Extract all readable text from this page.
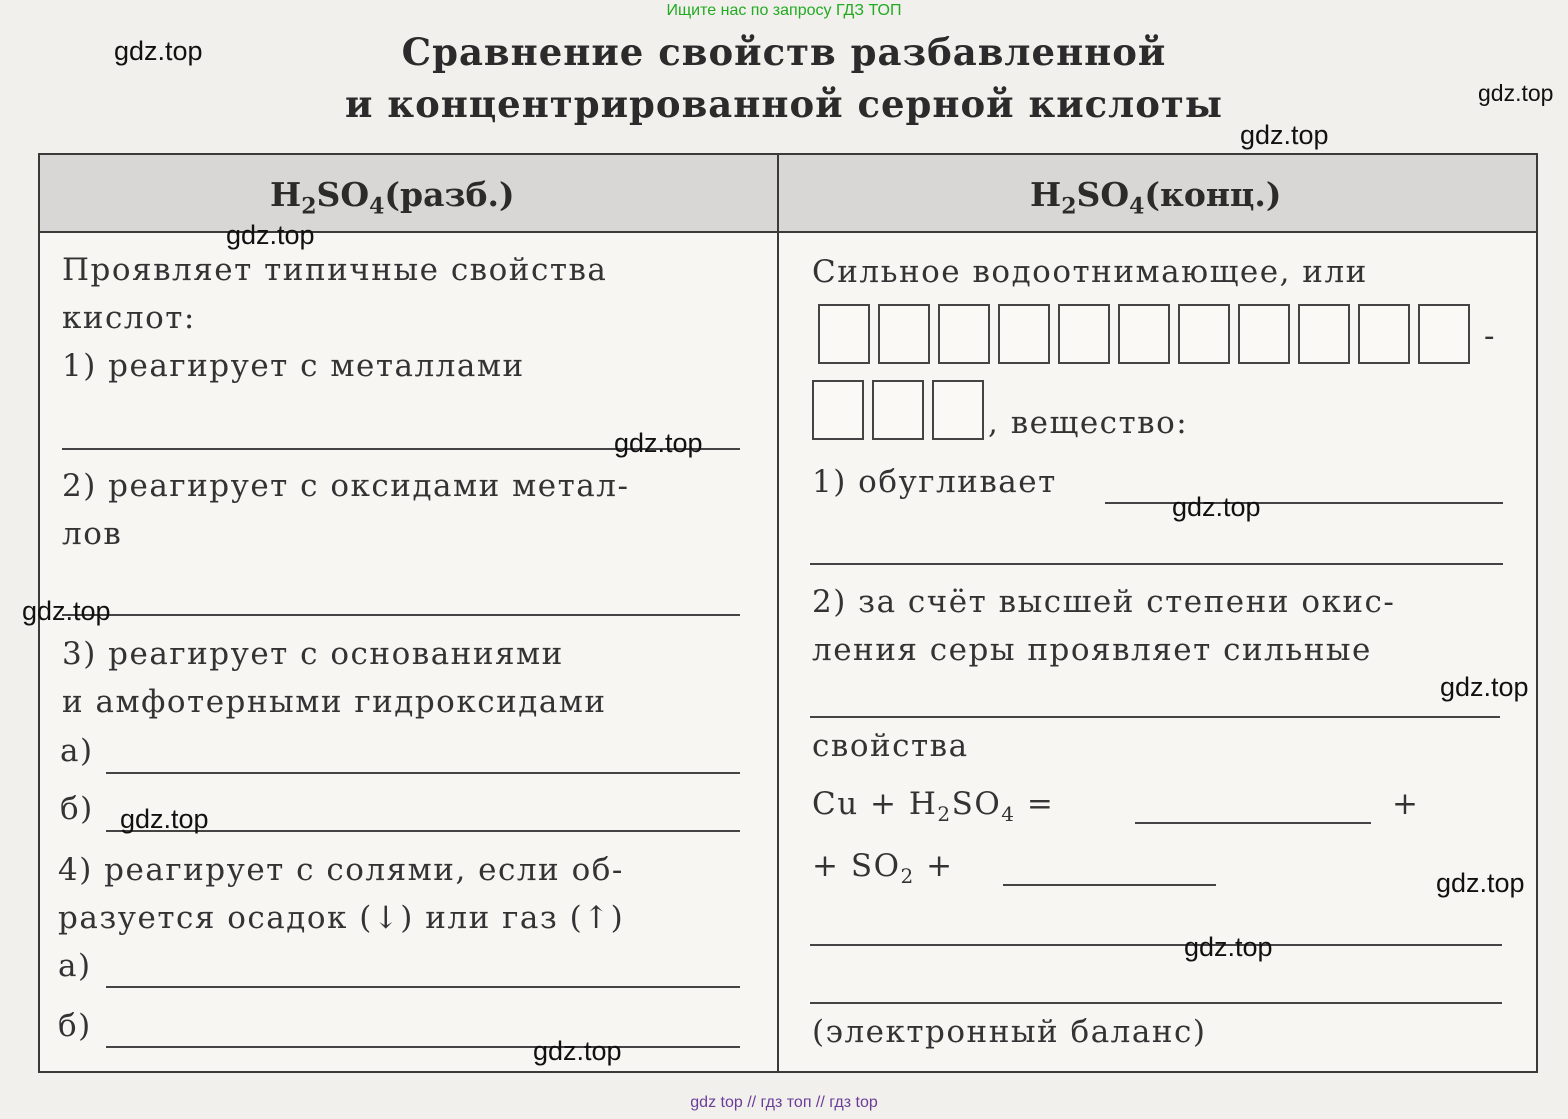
Ищите нас по запросу ГДЗ ТОП
Сравнение свойств разбавленной
и концентрированной серной кислоты
$H_2SO_4(разб.)$	$H_2SO_4(конц.)$
Проявляет типичные свойства
кислот:
1) реагирует с металлами
2) реагирует с оксидами метал-
лов
3) реагирует с основаниями
и амфотерными гидроксидами
а)
б)
4) реагирует с солями, если об-
разуется осадок (↓) или газ (↑)
а)
б)
Сильное водоотнимающее, или
-
, вещество:
1) обугливает
2) за счёт высшей степени окис-
ления серы проявляет сильные
свойства
$Cu + H_2SO_4$ =	+
+ $SO_2$ +
(электронный баланс)
gdz.top
gdz.top
gdz.top
gdz.top
gdz.top
gdz.top
gdz.top
gdz.top
gdz.top
gdz.top
gdz.top
gdz.top
gdz top // гдз топ // гдз top
